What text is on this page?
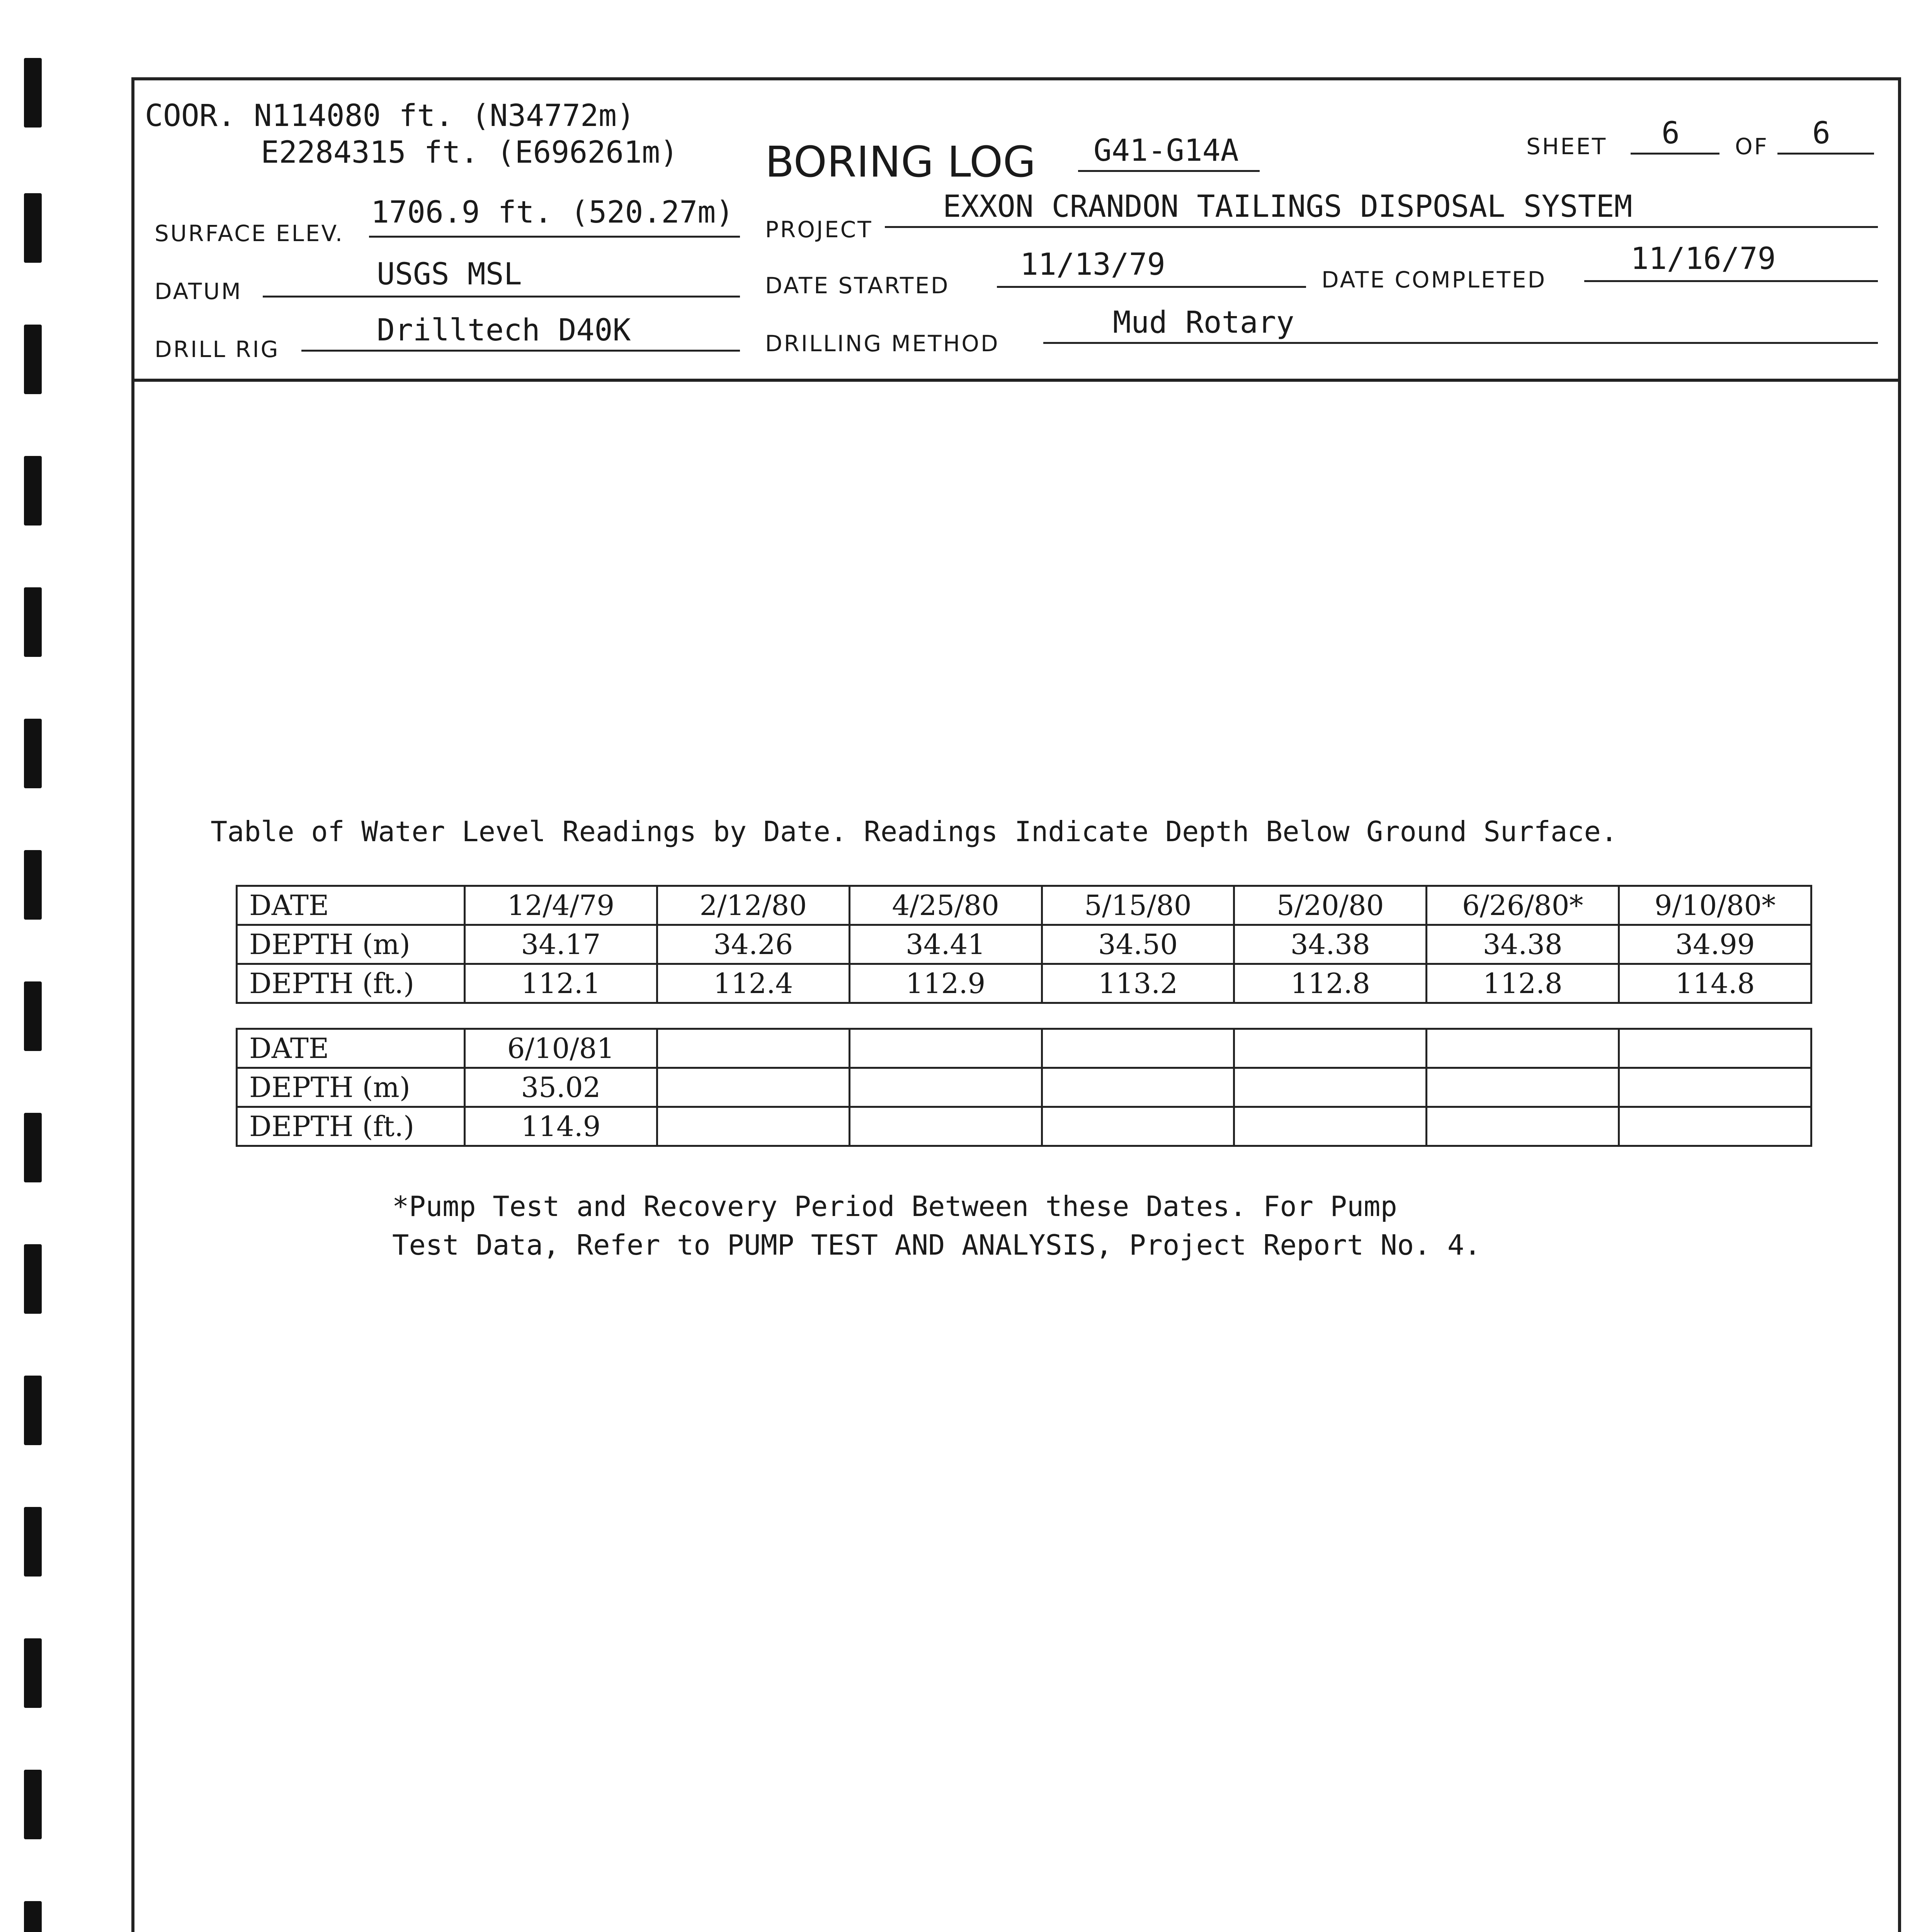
COOR. N114080 ft. (N34772m)
E2284315 ft. (E696261m) BORING LOG G41-G14A	SHEET 6 OF 6
SURFACE ELEV.
1706.9 ft. (520.27m) PROJECT
EXXON CRANDON TAILINGS DISPOSAL SYSTEM
DATUM	USGS MSL	DATE STARTED
11/13/79	DATE COMPLETED
11/16/79
DRILL RIG
Drilltech D40K	DRILLING METHOD
Mud Rotary
Table of Water Level Readings by Date. Readings Indicate Depth Below Ground Surface.
DATE	12/4/79	2/12/80	4/25/80	5/15/80	5/20/80	6/26/80*	9/10/80*
DEPTH (m)	34.17	34.26	34.41	34.50	34.38	34.38	34.99
DEPTH (ft.)	112.1	112.4	112.9	113.2	112.8	112.8	114.8
DATE	6/10/81						
DEPTH (m)	35.02						
DEPTH (ft.)	114.9						
*Pump Test and Recovery Period Between these Dates. For Pump
Test Data, Refer to PUMP TEST AND ANALYSIS, Project Report No. 4.
